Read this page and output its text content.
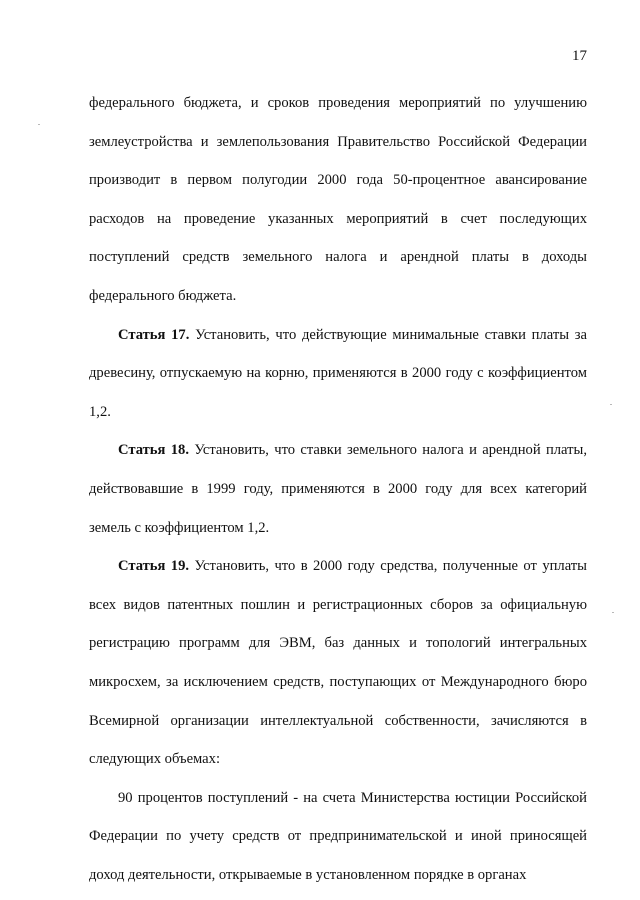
17

федерального бюджета, и сроков проведения мероприятий по улучшению землеустройства и землепользования Правительство Российской Федерации производит в первом полугодии 2000 года 50-процентное авансирование расходов на проведение указанных мероприятий в счет последующих поступлений средств земельного налога и арендной платы в доходы федерального бюджета.

Статья 17. Установить, что действующие минимальные ставки платы за древесину, отпускаемую на корню, применяются в 2000 году с коэффициентом 1,2.

Статья 18. Установить, что ставки земельного налога и арендной платы, действовавшие в 1999 году, применяются в 2000 году для всех категорий земель с коэффициентом 1,2.

Статья 19. Установить, что в 2000 году средства, полученные от уплаты всех видов патентных пошлин и регистрационных сборов за официальную регистрацию программ для ЭВМ, баз данных и топологий интегральных микросхем, за исключением средств, поступающих от Международного бюро Всемирной организации интеллектуальной собственности, зачисляются в следующих объемах:

90 процентов поступлений - на счета Министерства юстиции Российской Федерации по учету средств от предпринимательской и иной приносящей доход деятельности, открываемые в установленном порядке в органах
